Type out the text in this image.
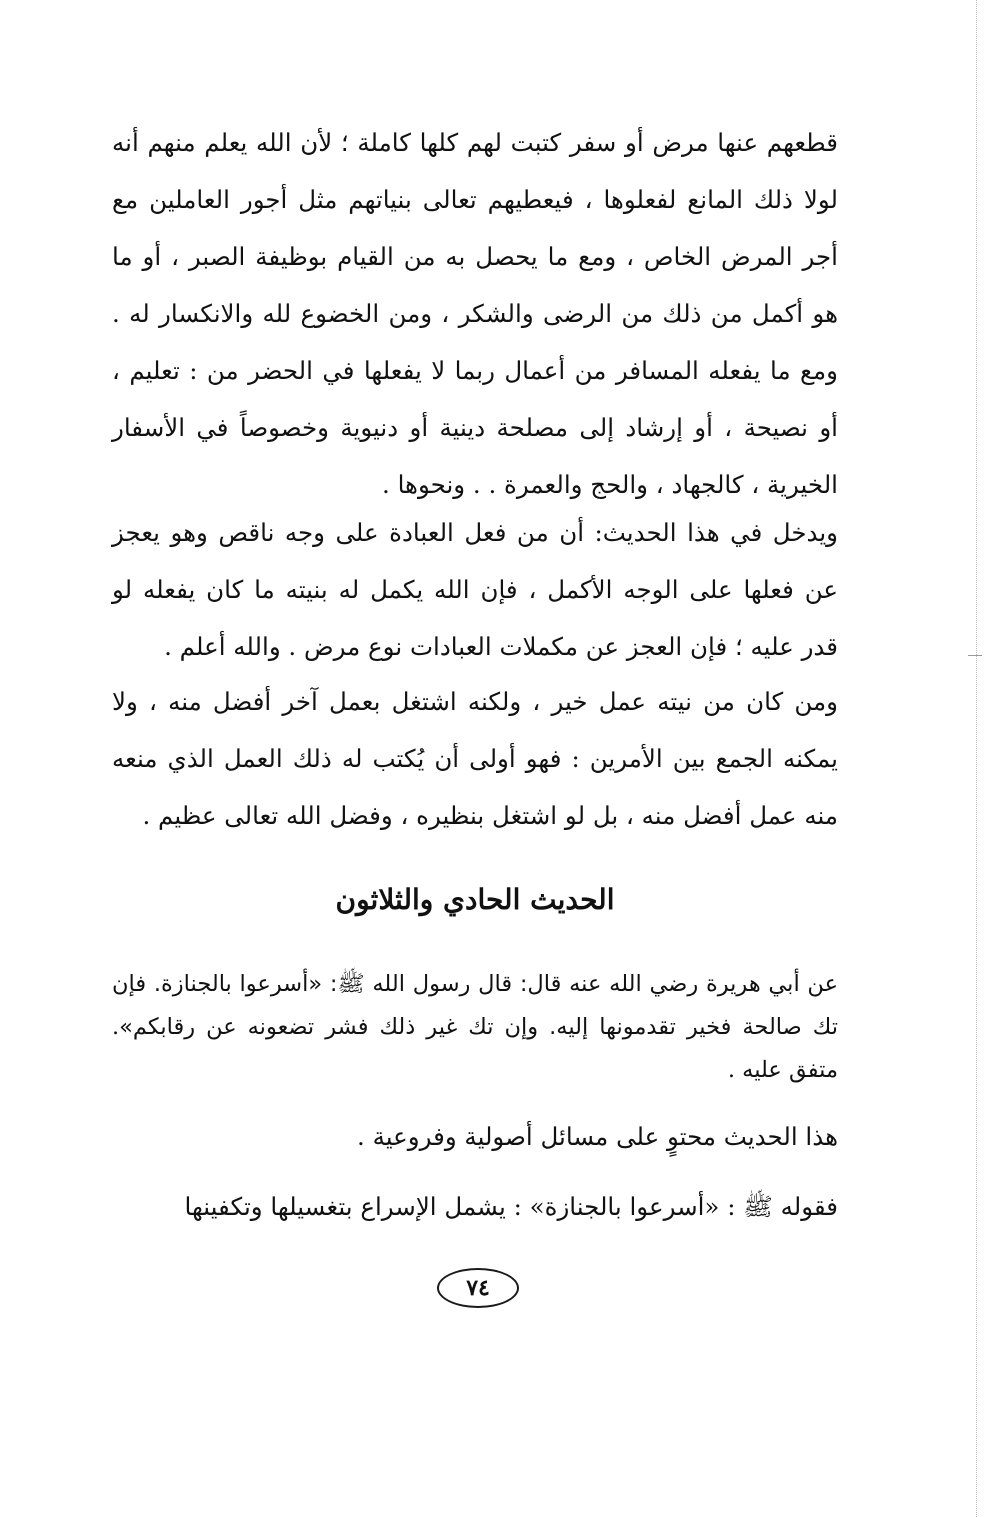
قطعهم عنها مرض أو سفر كتبت لهم كلها كاملة ؛ لأن الله يعلم منهم أنه لولا ذلك المانع لفعلوها ، فيعطيهم تعالى بنياتهم مثل أجور العاملين مع أجر المرض الخاص ، ومع ما يحصل به من القيام بوظيفة الصبر ، أو ما هو أكمل من ذلك من الرضى والشكر ، ومن الخضوع لله والانكسار له . ومع ما يفعله المسافر من أعمال ربما لا يفعلها في الحضر من : تعليم ، أو نصيحة ، أو إرشاد إلى مصلحة دينية أو دنيوية وخصوصاً في الأسفار الخيرية ، كالجهاد ، والحج والعمرة . . ونحوها .

ويدخل في هذا الحديث: أن من فعل العبادة على وجه ناقص وهو يعجز عن فعلها على الوجه الأكمل ، فإن الله يكمل له بنيته ما كان يفعله لو قدر عليه ؛ فإن العجز عن مكملات العبادات نوع مرض . والله أعلم .

ومن كان من نيته عمل خير ، ولكنه اشتغل بعمل آخر أفضل منه ، ولا يمكنه الجمع بين الأمرين : فهو أولى أن يُكتب له ذلك العمل الذي منعه منه عمل أفضل منه ، بل لو اشتغل بنظيره ، وفضل الله تعالى عظيم .

الحديث الحادي والثلاثون

عن أبي هريرة رضي الله عنه قال: قال رسول الله ﷺ: «أسرعوا بالجنازة. فإن تك صالحة فخير تقدمونها إليه. وإن تك غير ذلك فشر تضعونه عن رقابكم». متفق عليه .

هذا الحديث محتوٍ على مسائل أصولية وفروعية .
فقوله ﷺ : «أسرعوا بالجنازة» : يشمل الإسراع بتغسيلها وتكفينها
٧٤
